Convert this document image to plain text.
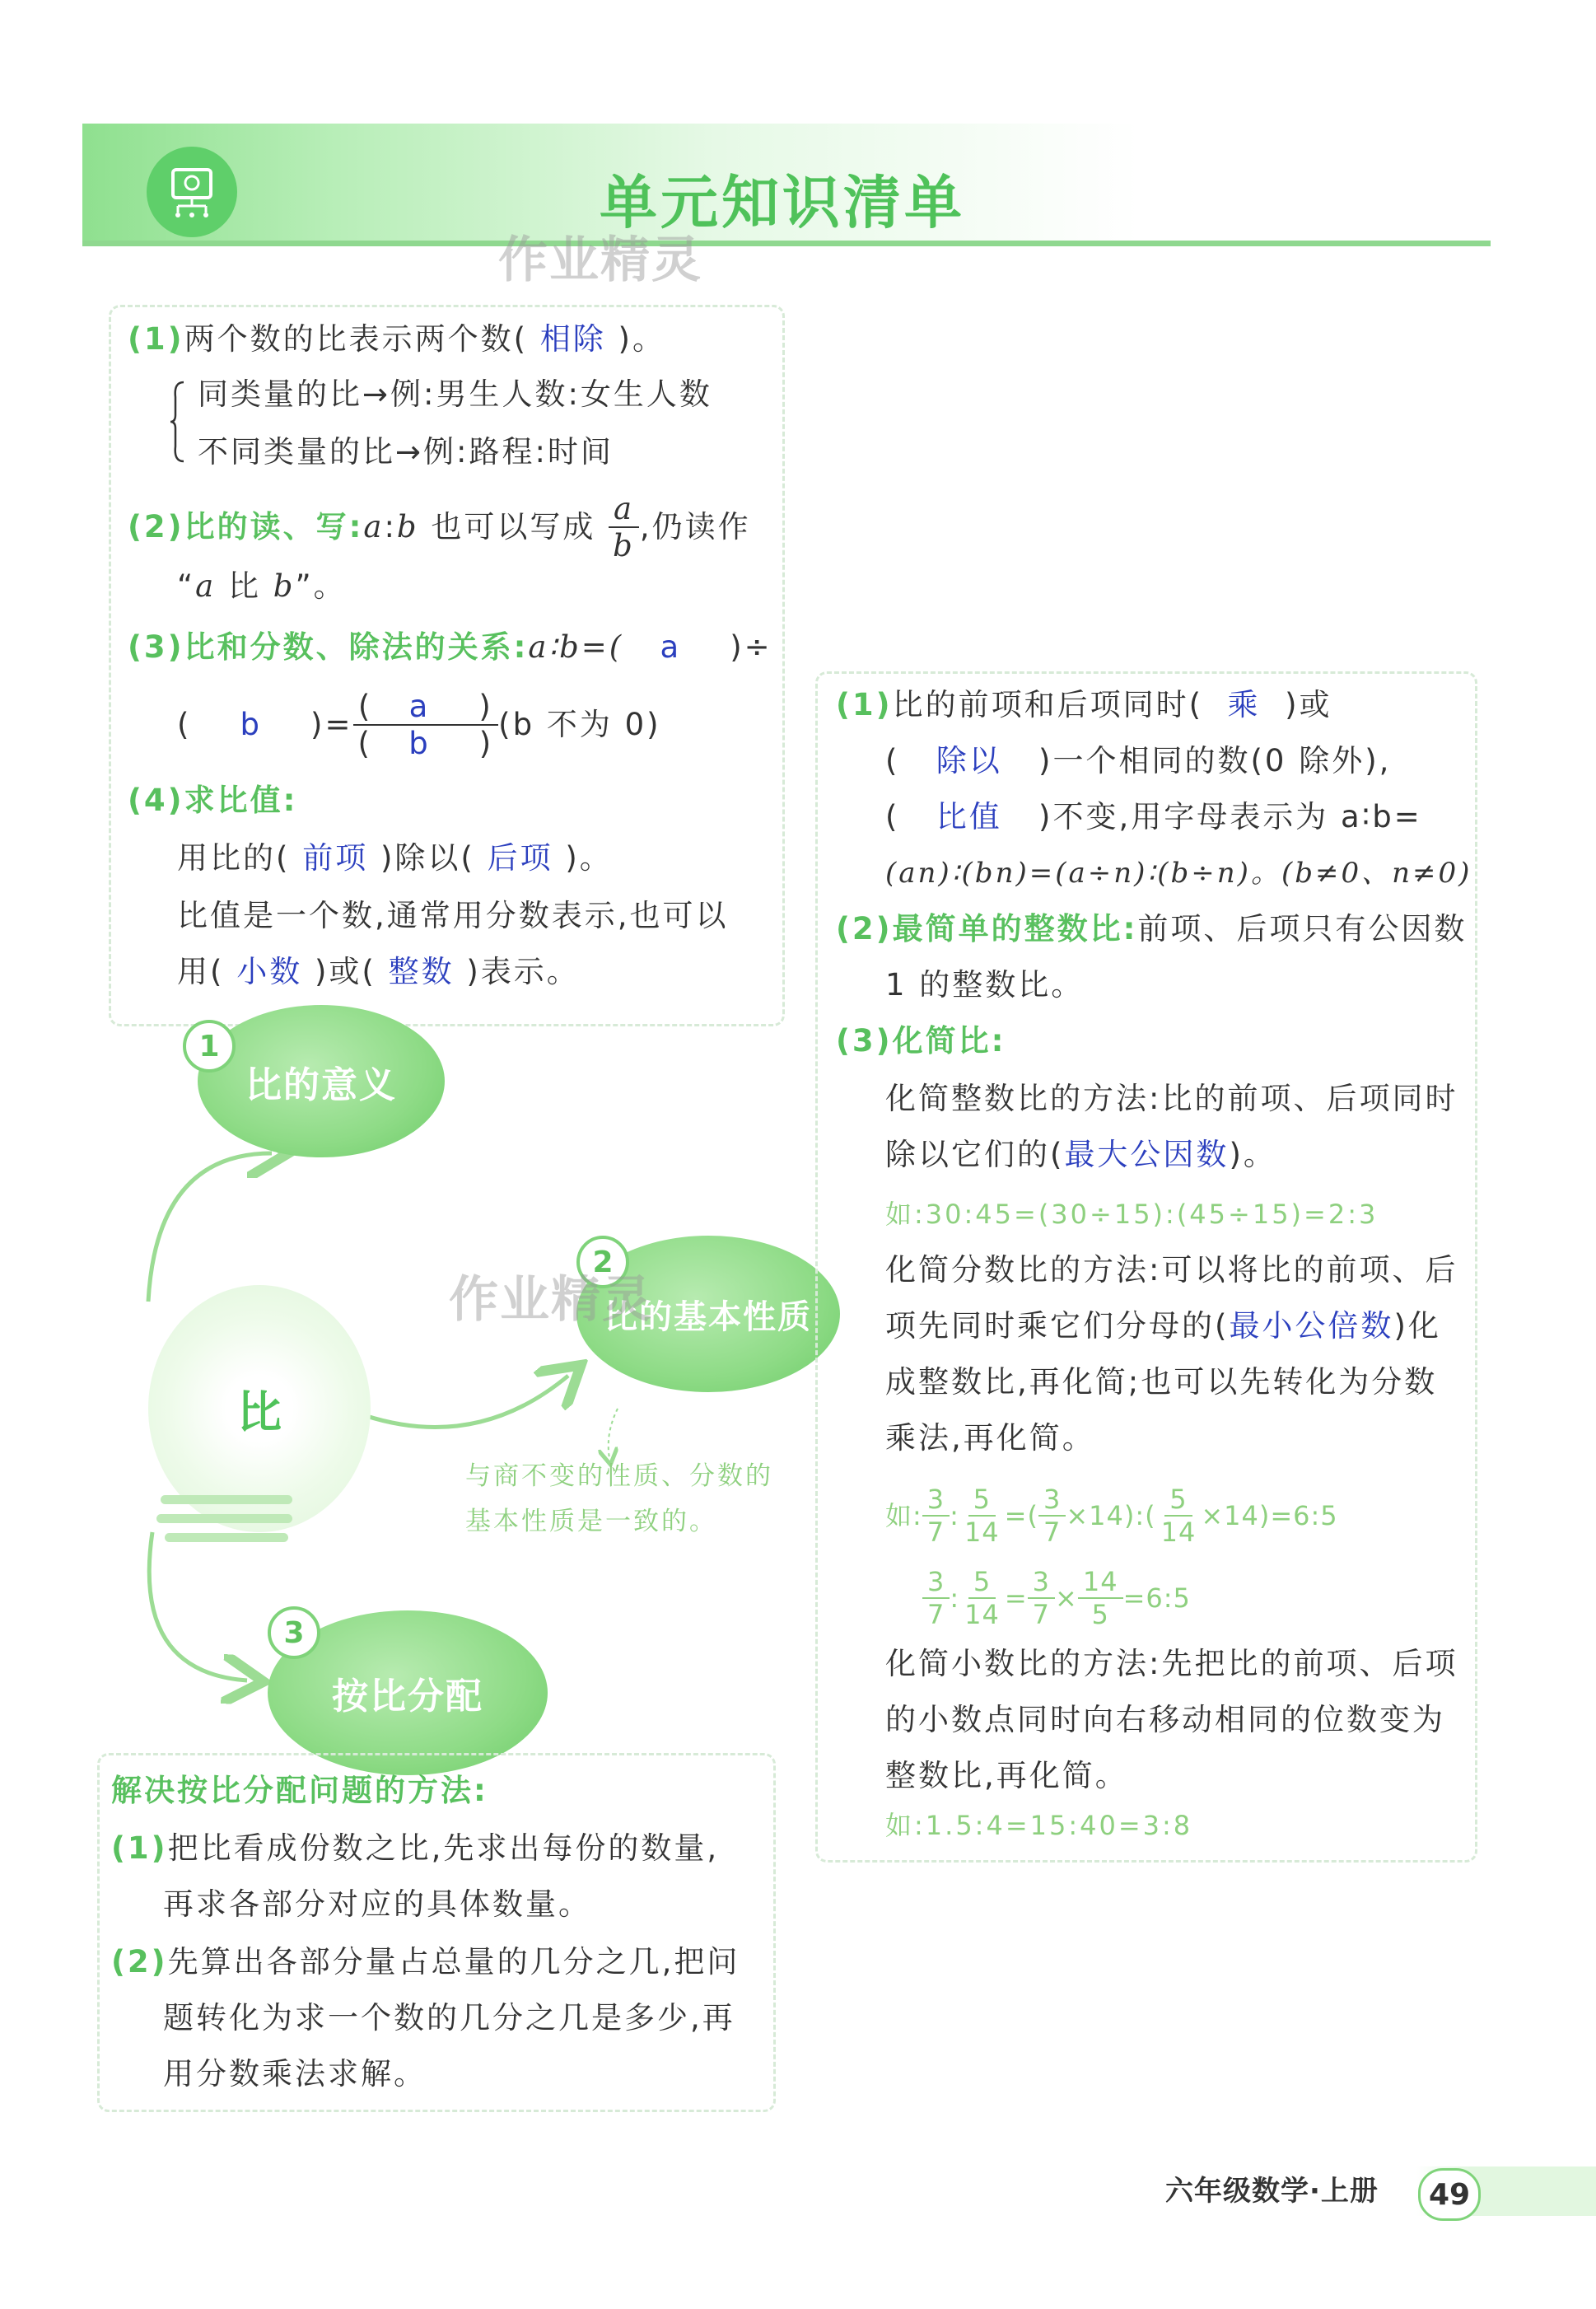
单元知识清单
作业精灵
(1)两个数的比表示两个数( 相除 )。
同类量的比→例:男生人数:女生人数
不同类量的比→例:路程:时间
(2)比的读、写: a : b
也可以写成
$\frac{a}{b}$ ,仍读作
“a 比 b”。
(3)比和分数、除法的关系:a∶b=( a )÷
(
b
)= $\frac{( a )}{( b )} (b$ 不为 0)
(4)求比值:
用比的( 前项 )除以( 后项 )。
比值是一个数,通常用分数表示,也可以
用( 小数 )或( 整数 )表示。
比
比的意义
1
比的基本性质
2
作业精灵
与商不变的性质、分数的
基本性质是一致的。
按比分配
3
(1)比的前项和后项同时( 乘 )或
( 除以 )一个相同的数(0 除外),
( 比值 )不变,用字母表示为 a∶b=
(an)∶(bn)=(a÷n)∶(b÷n)。(b≠0、n≠0)
(2)最简单的整数比:前项、后项只有公因数
1 的整数比。
(3)化简比:
化简整数比的方法:比的前项、后项同时
除以它们的(最大公因数)。
如:30:45=(30÷15):(45÷15)=2:3
化简分数比的方法:可以将比的前项、后
项先同时乘它们分母的(最小公倍数)化
成整数比,再化简;也可以先转化为分数
乘法,再化简。
如: $\frac{3}{7}$ : $\frac{5}{14}$ =( $\frac{3}{7}$ ×14):( $\frac{5}{14}$ ×14)=6:5
$\frac{3}{7}$ : $\frac{5}{14} = \frac{3}{7} \times \frac{14}{5}$ =6:5
化简小数比的方法:先把比的前项、后项
的小数点同时向右移动相同的位数变为
整数比,再化简。
如:1.5:4=15:40=3:8
解决按比分配问题的方法:
(1)把比看成份数之比,先求出每份的数量,
再求各部分对应的具体数量。
(2)先算出各部分量占总量的几分之几,把问
题转化为求一个数的几分之几是多少,再
用分数乘法求解。
六年级数学·上册	49
